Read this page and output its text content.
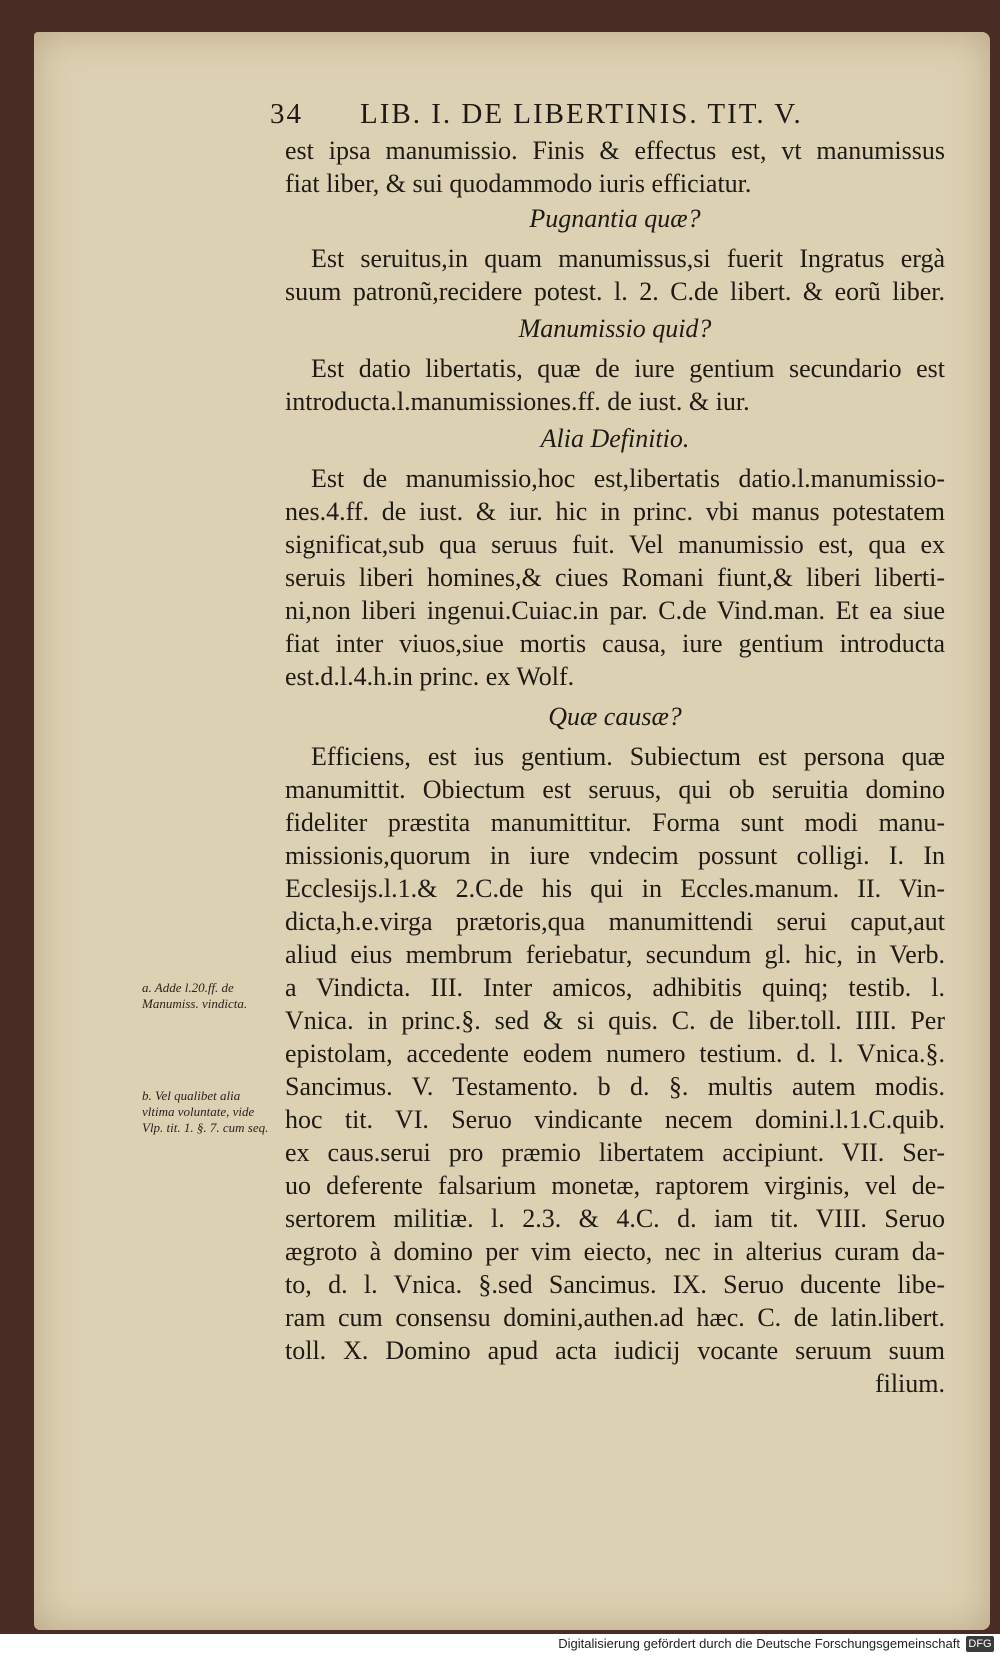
34 LIB. I. DE LIBERTINIS. TIT. V.
est ipsa manumissio. Finis & effectus est, vt manumissus
fiat liber, & sui quodammodo iuris efficiatur.
Pugnantia quæ?
Est seruitus,in quam manumissus,si fuerit Ingratus ergà
suum patronũ,recidere potest. l. 2. C.de libert. & eorũ liber.
Manumissio quid?
Est datio libertatis, quæ de iure gentium secundario est
introducta.l.manumissiones.ff. de iust. & iur.
Alia Definitio.
Est de manumissio,hoc est,libertatis datio.l.manumissio-
nes.4.ff. de iust. & iur. hic in princ. vbi manus potestatem
significat,sub qua seruus fuit. Vel manumissio est, qua ex
seruis liberi homines,& ciues Romani fiunt,& liberi liberti-
ni,non liberi ingenui.Cuiac.in par. C.de Vind.man. Et ea siue
fiat inter viuos,siue mortis causa, iure gentium introducta
est.d.l.4.h.in princ. ex Wolf.
Quæ causæ?
Efficiens, est ius gentium. Subiectum est persona quæ
manumittit. Obiectum est seruus, qui ob seruitia domino
fideliter præstita manumittitur. Forma sunt modi manu-
missionis,quorum in iure vndecim possunt colligi. I. In
Ecclesijs.l.1.& 2.C.de his qui in Eccles.manum. II. Vin-
dicta,h.e.virga prætoris,qua manumittendi serui caput,aut
aliud eius membrum feriebatur, secundum gl. hic, in Verb.
a Vindicta. III. Inter amicos, adhibitis quinq; testib. l.
Vnica. in princ.§. sed & si quis. C. de liber.toll. IIII. Per
epistolam, accedente eodem numero testium. d. l. Vnica.§.
Sancimus. V. Testamento. b d. §. multis autem modis.
hoc tit. VI. Seruo vindicante necem domini.l.1.C.quib.
ex caus.serui pro præmio libertatem accipiunt. VII. Ser-
uo deferente falsarium monetæ, raptorem virginis, vel de-
sertorem militiæ. l. 2.3. & 4.C. d. iam tit. VIII. Seruo
ægroto à domino per vim eiecto, nec in alterius curam da-
to, d. l. Vnica. §.sed Sancimus. IX. Seruo ducente libe-
ram cum consensu domini,authen.ad hæc. C. de latin.libert.
toll. X. Domino apud acta iudicij vocante seruum suum
filium.
a. Adde l.20.ff. de Manumiss. vindicta.
b. Vel qualibet alia vltima voluntate, vide Vlp. tit. 1. §. 7. cum seq.
Digitalisierung gefördert durch die Deutsche Forschungsgemeinschaft DFG
